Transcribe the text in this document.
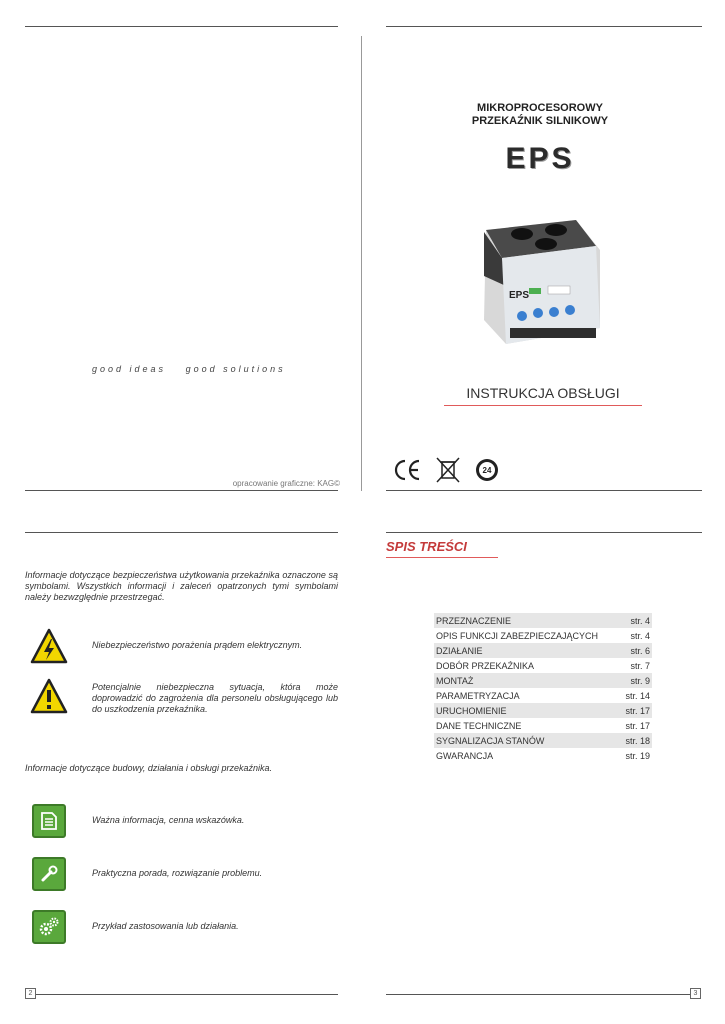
good ideas good solutions
opracowanie graficzne: KAG©
MIKROPROCESOROWY
PRZEKAŹNIK SILNIKOWY
EPS
EPS
INSTRUKCJA OBSŁUGI
24
Informacje dotyczące bezpieczeństwa użytkowania przekaźnika oznaczone są symbolami. Wszystkich informacji i zaleceń opatrzonych tymi symbolami należy bezwzględnie przestrzegać.
Niebezpieczeństwo porażenia prądem elektrycznym.
Potencjalnie niebezpieczna sytuacja, która może doprowadzić do zagrożenia dla personelu obsługującego lub do uszkodzenia przekaźnika.
Informacje dotyczące budowy, działania i obsługi przekaźnika.
Ważna informacja, cenna wskazówka.
Praktyczna porada, rozwiązanie problemu.
Przykład zastosowania lub działania.
SPIS TREŚCI
PRZEZNACZENIE	str. 4
OPIS FUNKCJI ZABEZPIECZAJĄCYCH	str. 4
DZIAŁANIE	str. 6
DOBÓR PRZEKAŹNIKA	str. 7
MONTAŻ	str. 9
PARAMETRYZACJA	str. 14
URUCHOMIENIE	str. 17
DANE TECHNICZNE	str. 17
SYGNALIZACJA STANÓW	str. 18
GWARANCJA	str. 19
2	3
